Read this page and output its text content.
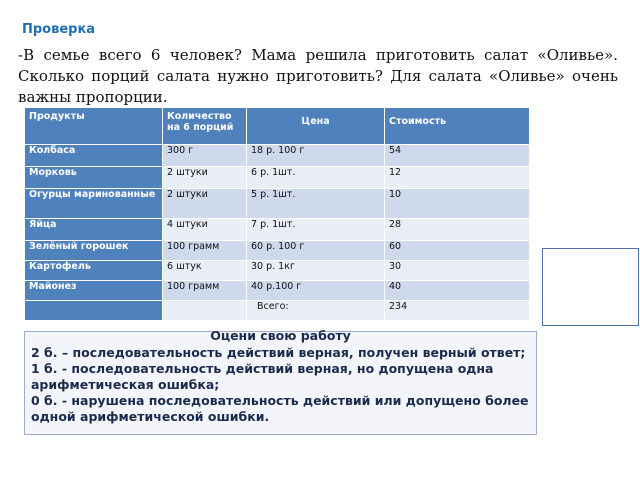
Проверка
-В семье всего 6 человек? Мама решила приготовить салат «Оливье». Сколько порций салата нужно приготовить? Для салата «Оливье» очень важны пропорции.
Продукты	Количество на 6 порций	Цена	Стоимость
Колбаса	300 г	18 р. 100 г	54
Морковь	2 штуки	6 р. 1шт.	12
Огурцы маринованные	2 штуки	5 р. 1шт.	10
Яйца	4 штуки	7 р. 1шт.	28
Зелёный горошек	100 грамм	60 р. 100 г	60
Картофель	6 штук	30 р. 1кг	30
Майонез	100 грамм	40 р.100 г	40
		Всего:	234
Оцени свою работу
2 б. – последовательность действий верная, получен верный ответ;
1 б. - последовательность действий верная, но допущена одна арифметическая ошибка;
0 б. - нарушена последовательность действий или допущено более одной арифметической ошибки.
